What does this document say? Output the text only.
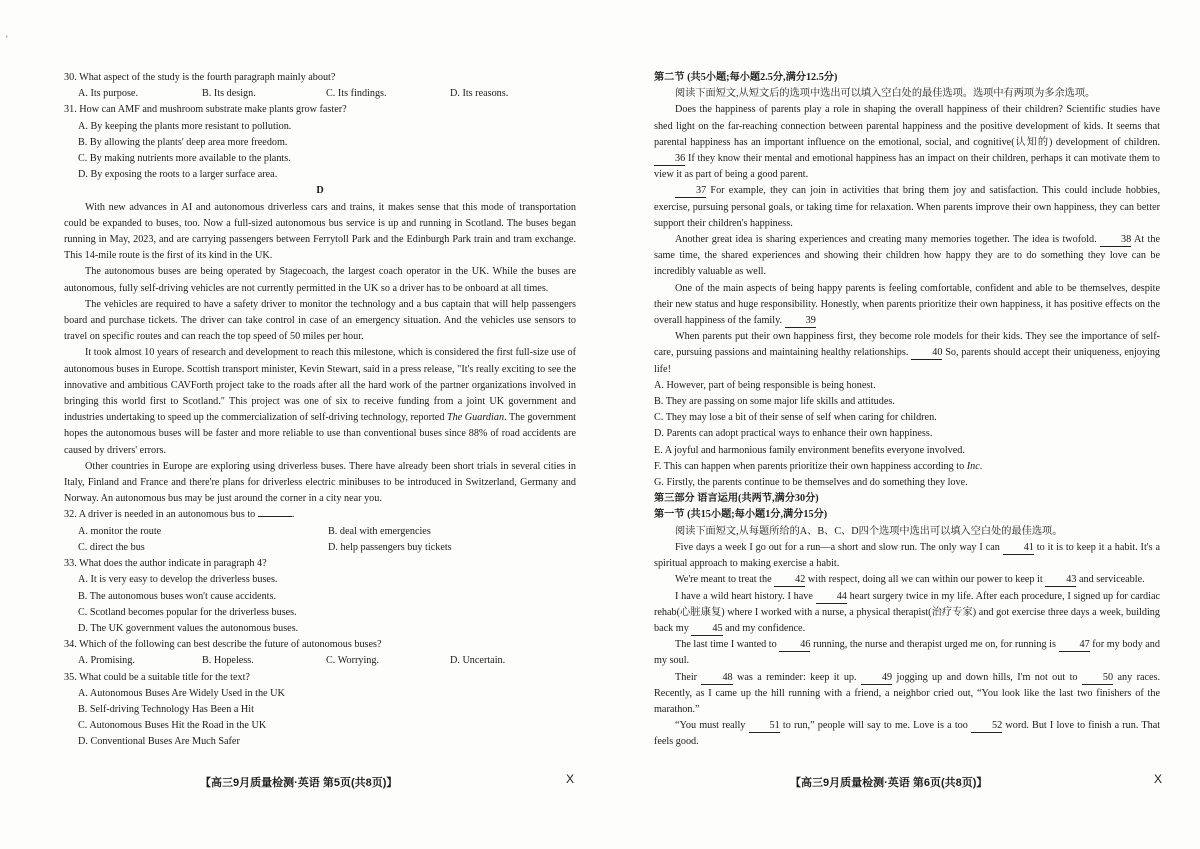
'

30. What aspect of the study is the fourth paragraph mainly about?

A. Its purpose.	B. Its design.	C. Its findings.	D. Its reasons.

31. How can AMF and mushroom substrate make plants grow faster?

A. By keeping the plants more resistant to pollution.

B. By allowing the plants' deep area more freedom.

C. By making nutrients more available to the plants.

D. By exposing the roots to a larger surface area.

D

With new advances in AI and autonomous driverless cars and trains, it makes sense that this mode of transportation could be expanded to buses, too. Now a full-sized autonomous bus service is up and running in Scotland. The buses began running in May, 2023, and are carrying passengers between Ferrytoll Park and the Edinburgh Park train and tram exchange. This 14-mile route is the first of its kind in the UK.

The autonomous buses are being operated by Stagecoach, the largest coach operator in the UK. While the buses are autonomous, fully self-driving vehicles are not currently permitted in the UK so a driver has to be onboard at all times.

The vehicles are required to have a safety driver to monitor the technology and a bus captain that will help passengers board and purchase tickets. The driver can take control in case of an emergency situation. And the vehicles use sensors to travel on specific routes and can reach the top speed of 50 miles per hour.

It took almost 10 years of research and development to reach this milestone, which is considered the first full-size use of autonomous buses in Europe. Scottish transport minister, Kevin Stewart, said in a press release, "It's really exciting to see the innovative and ambitious CAVForth project take to the roads after all the hard work of the partner organizations involved in bringing this world first to Scotland." This project was one of six to receive funding from a joint UK government and industries undertaking to speed up the commercialization of self-driving technology, reported The Guardian. The government hopes the autonomous buses will be faster and more reliable to use than conventional buses since 88% of road accidents are caused by drivers' errors.

Other countries in Europe are exploring using driverless buses. There have already been short trials in several cities in Italy, Finland and France and there're plans for driverless electric minibuses to be introduced in Switzerland, Germany and Norway. An autonomous bus may be just around the corner in a city near you.

32. A driver is needed in an autonomous bus to	.

A. monitor the route	B. deal with emergencies
C. direct the bus	D. help passengers buy tickets

33. What does the author indicate in paragraph 4?

A. It is very easy to develop the driverless buses.

B. The autonomous buses won't cause accidents.

C. Scotland becomes popular for the driverless buses.

D. The UK government values the autonomous buses.

34. Which of the following can best describe the future of autonomous buses?

A. Promising.	B. Hopeless.	C. Worrying.	D. Uncertain.

35. What could be a suitable title for the text?

A. Autonomous Buses Are Widely Used in the UK

B. Self-driving Technology Has Been a Hit

C. Autonomous Buses Hit the Road in the UK

D. Conventional Buses Are Much Safer

【高三9月质量检测·英语 第5页(共8页)】	X

第二节 (共5小题;每小题2.5分,满分12.5分)

阅读下面短文,从短文后的选项中选出可以填入空白处的最佳选项。选项中有两项为多余选项。

Does the happiness of parents play a role in shaping the overall happiness of their children? Scientific studies have shed light on the far-reaching connection between parental happiness and the positive development of kids. It seems that parental happiness has an important influence on the emotional, social, and cognitive(认知的) development of children. 36 If they know their mental and emotional happiness has an impact on their children, perhaps it can motivate them to view it as part of being a good parent.

37 For example, they can join in activities that bring them joy and satisfaction. This could include hobbies, exercise, pursuing personal goals, or taking time for relaxation. When parents improve their own happiness, they can better support their children's happiness.

Another great idea is sharing experiences and creating many memories together. The idea is twofold. 38 At the same time, the shared experiences and showing their children how happy they are to do something they love can be incredibly valuable as well.

One of the main aspects of being happy parents is feeling comfortable, confident and able to be themselves, despite their new status and huge responsibility. Honestly, when parents prioritize their own happiness, it has positive effects on the overall happiness of the family. 39

When parents put their own happiness first, they become role models for their kids. They see the importance of self-care, pursuing passions and maintaining healthy relationships. 40 So, parents should accept their uniqueness, enjoying life!

A. However, part of being responsible is being honest.

B. They are passing on some major life skills and attitudes.

C. They may lose a bit of their sense of self when caring for children.

D. Parents can adopt practical ways to enhance their own happiness.

E. A joyful and harmonious family environment benefits everyone involved.

F. This can happen when parents prioritize their own happiness according to Inc.

G. Firstly, the parents continue to be themselves and do something they love.

第三部分 语言运用(共两节,满分30分)

第一节 (共15小题;每小题1分,满分15分)

阅读下面短文,从每题所给的A、B、C、D四个选项中选出可以填入空白处的最佳选项。

Five days a week I go out for a run—a short and slow run. The only way I can 41 to it is to keep it a habit. It's a spiritual approach to making exercise a habit.

We're meant to treat the 42 with respect, doing all we can within our power to keep it 43 and serviceable.

I have a wild heart history. I have 44 heart surgery twice in my life. After each procedure, I signed up for cardiac rehab(心脏康复) where I worked with a nurse, a physical therapist(治疗专家) and got exercise three days a week, building back my 45 and my confidence.

The last time I wanted to 46 running, the nurse and therapist urged me on, for running is 47 for my body and my soul.

Their 48 was a reminder: keep it up. 49 jogging up and down hills, I'm not out to 50 any races. Recently, as I came up the hill running with a friend, a neighbor cried out, “You look like the last two finishers of the marathon.”

“You must really 51 to run,” people will say to me. Love is a too 52 word. But I love to finish a run. That feels good.

【高三9月质量检测·英语 第6页(共8页)】	X
